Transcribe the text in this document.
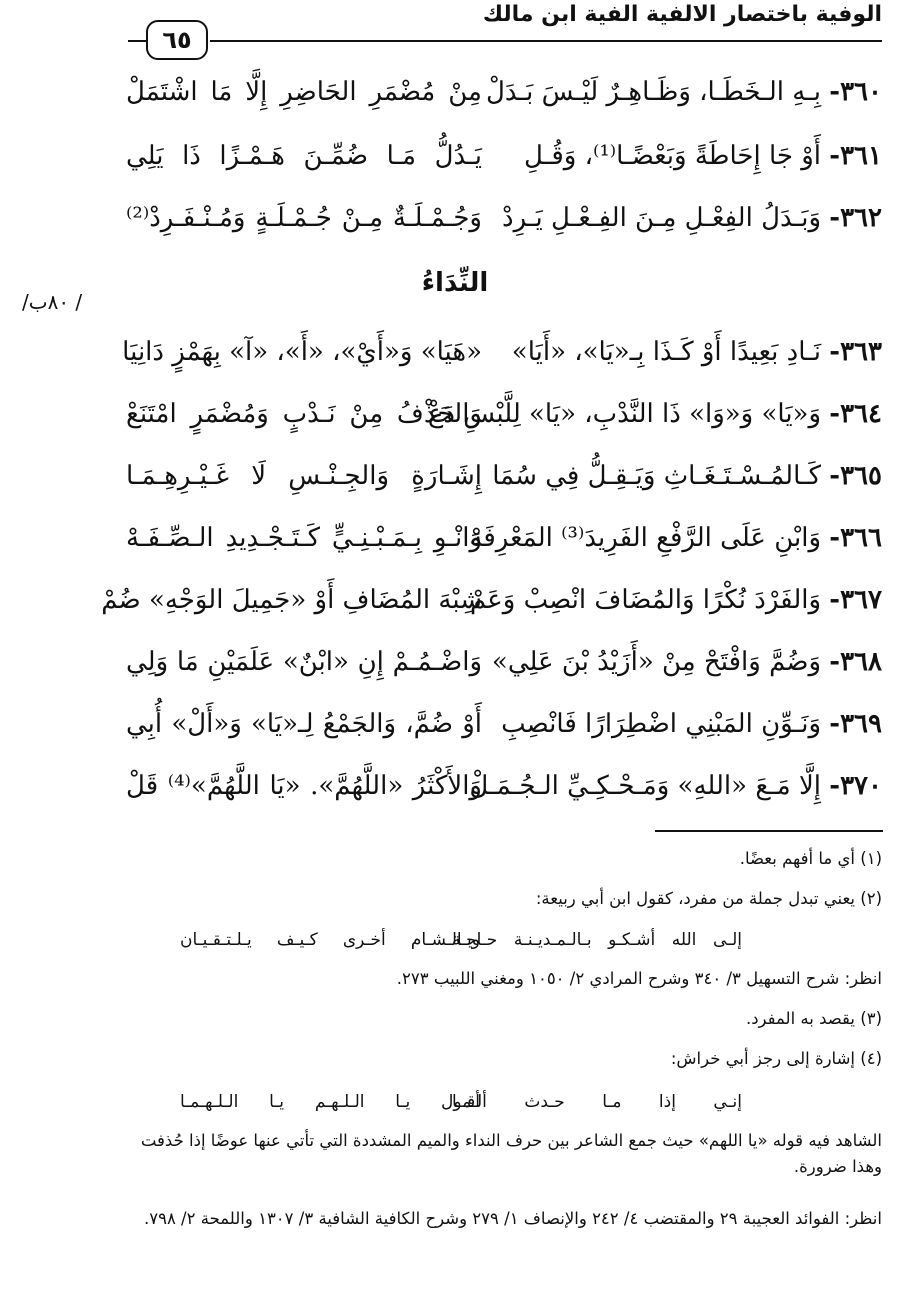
الوفية باختصار الالفية الفية ابن مالك
٦٥
٣٦٠- بِـهِ الـخَطَـا، وَظَـاهِـرٌ لَيْـسَ بَـدَلْ
مِنْ مُضْمَرِ الحَاضِرِ إِلَّا مَا اشْتَمَلْ
٣٦١- أَوْ جَا إِحَاطَةً وَبَعْضًـا⁽¹⁾، وَقُـلِ
يَـدُلُّ مَـا ضُمِّـنَ هَـمْـزًا ذَا يَلِي
٣٦٢- وَبَـدَلُ الفِعْـلِ مِـنَ الفِـعْـلِ يَـرِدْ
وَجُـمْـلَـةٌ مِـنْ جُـمْـلَـةٍ وَمُـنْـفَـرِدْ⁽²⁾
النِّدَاءُ
/ ٨٠ب/
٣٦٣- نَـادِ بَعِيدًا أَوْ كَـذَا بِـ«يَا»، «أَيَا»
«هَيَا» وَ«أَيْ»، «أَ»، «آ» بِهَمْزٍ دَانِيَا
٣٦٤- وَ«يَا» وَ«وَا» ذَا النَّدْبِ، «يَا» لِلَّبْسِ دَعْ
وَالحَذْفُ مِنْ نَـدْبٍ وَمُضْمَرٍ امْتَنَعْ
٣٦٥- كَـالمُـسْـتَـغَـاثِ وَيَـقِـلُّ فِي سُمَا
إِشَـارَةٍ وَالجِـنْـسِ لَا غَـيْـرِهِـمَـا
٣٦٦- وَابْنِ عَلَى الرَّفْعِ الفَرِيدَ⁽³⁾ المَعْرِفَهْ
وَانْـوِ بِـمَـبْـنِـيٍّ كَـتَـجْـدِيدِ الـصِّـفَـهْ
٣٦٧- وَالفَرْدَ نُكْرًا وَالمُضَافَ انْصِبْ وَعَمْ
شِبْهَ المُضَافِ أَوْ «جَمِيلَ الوَجْهِ» ضُمْ
٣٦٨- وَضُمَّ وَافْتَحْ مِنْ «أَزَيْدُ بْنَ عَلِي»
وَاضْـمُـمْ إِنِ «ابْنٌ» عَلَمَيْنِ مَا وَلِي
٣٦٩- وَنَـوِّنِ المَبْنِي اضْطِرَارًا فَانْصِبِ
أَوْ ضُمَّ، وَالجَمْعُ لِـ«يَا» وَ«أَلْ» أُبِي
٣٧٠- إِلَّا مَـعَ «اللهِ» وَمَـحْـكِـيِّ الـجُـمَـلْ
وَالأَكْثَرُ «اللَّهُمَّ». «يَا اللَّهُمَّ»⁽⁴⁾ قَلْ
(١) أي ما أفهم بعضًا.
(٢) يعني تبدل جملة من مفرد، كقول ابن أبي ربيعة:
إلـى الله أشـكـو بـالـمـديـنـة حـاجـة
وبـالـشـام أخـرى كـيـف يـلـتـقـيـان
انظر: شرح التسهيل ٣/ ٣٤٠ وشرح المرادي ٢/ ١٠٥٠ ومغني اللبيب ٢٧٣.
(٣) يقصد به المفرد.
(٤) إشارة إلى رجز أبي خراش:
إنـي إذا مـا حـدث ألـمـا
أقـول يـا الـلـهـم يـا الـلـهـمـا
الشاهد فيه قوله «يا اللهم» حيث جمع الشاعر بين حرف النداء والميم المشددة التي تأتي عنها عوضًا إذا حُذفت وهذا ضرورة.
انظر: الفوائد العجيبة ٢٩ والمقتضب ٤/ ٢٤٢ والإنصاف ١/ ٢٧٩ وشرح الكافية الشافية ٣/ ١٣٠٧ واللمحة ٢/ ٧٩٨.
